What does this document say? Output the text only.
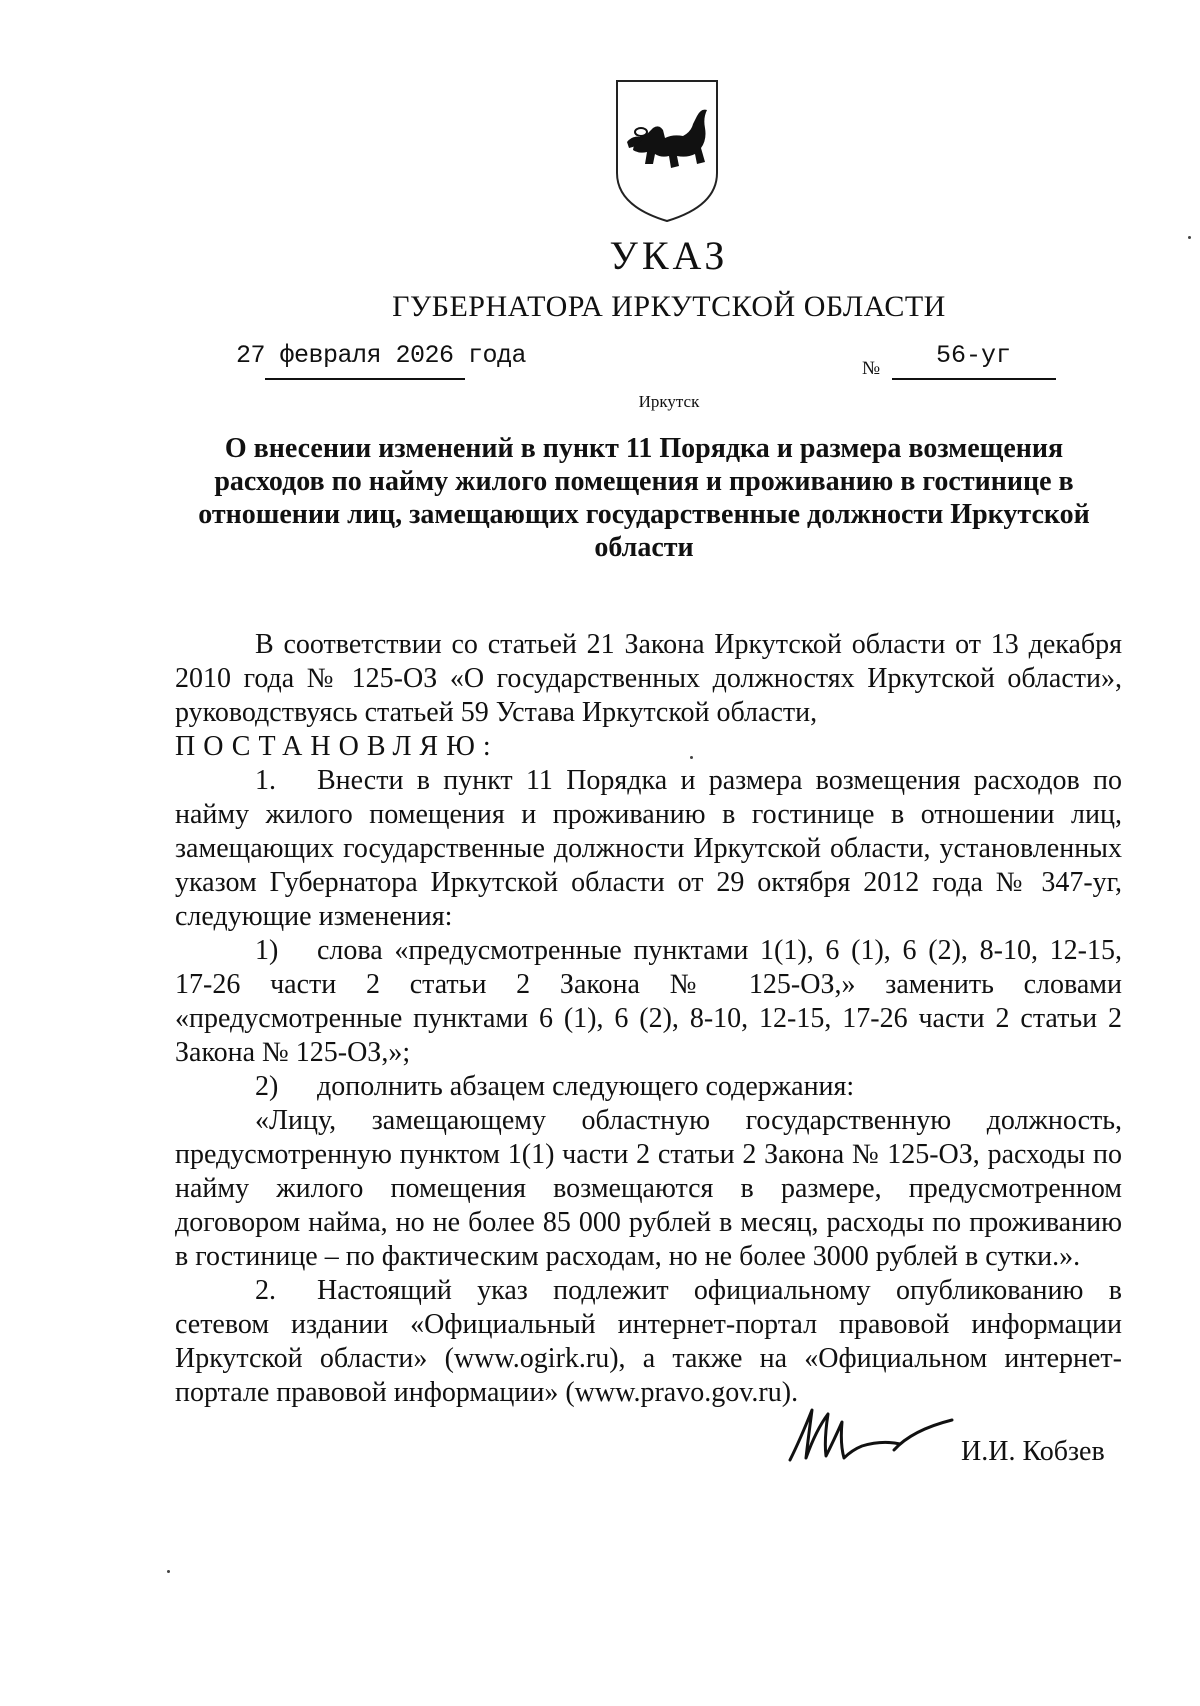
УКАЗ
ГУБЕРНАТОРА ИРКУТСКОЙ ОБЛАСТИ
27 февраля 2026 года	№ 56-уг
Иркутск
О внесении изменений в пункт 11 Порядка и размера возмещения расходов по найму жилого помещения и проживанию в гостинице в отношении лиц, замещающих государственные должности Иркутской области

В соответствии со статьей 21 Закона Иркутской области от 13 декабря 2010 года № 125-ОЗ «О государственных должностях Иркутской области», руководствуясь статьей 59 Устава Иркутской области,

ПОСТАНОВЛЯЮ:

1. Внести в пункт 11 Порядка и размера возмещения расходов по найму жилого помещения и проживанию в гостинице в отношении лиц, замещающих государственные должности Иркутской области, установленных указом Губернатора Иркутской области от 29 октября 2012 года № 347-уг, следующие изменения:

1) слова «предусмотренные пунктами 1(1), 6 (1), 6 (2), 8-10, 12-15, 17-26 части 2 статьи 2 Закона № 125-ОЗ,» заменить словами «предусмотренные пунктами 6 (1), 6 (2), 8-10, 12-15, 17-26 части 2 статьи 2 Закона № 125-ОЗ,»;

2) дополнить абзацем следующего содержания:

«Лицу, замещающему областную государственную должность, предусмотренную пунктом 1(1) части 2 статьи 2 Закона № 125-ОЗ, расходы по найму жилого помещения возмещаются в размере, предусмотренном договором найма, но не более 85 000 рублей в месяц, расходы по проживанию в гостинице – по фактическим расходам, но не более 3000 рублей в сутки.».

2. Настоящий указ подлежит официальному опубликованию в сетевом издании «Официальный интернет-портал правовой информации Иркутской области» (www.ogirk.ru), а также на «Официальном интернет-портале правовой информации» (www.pravo.gov.ru).

И.И. Кобзев
